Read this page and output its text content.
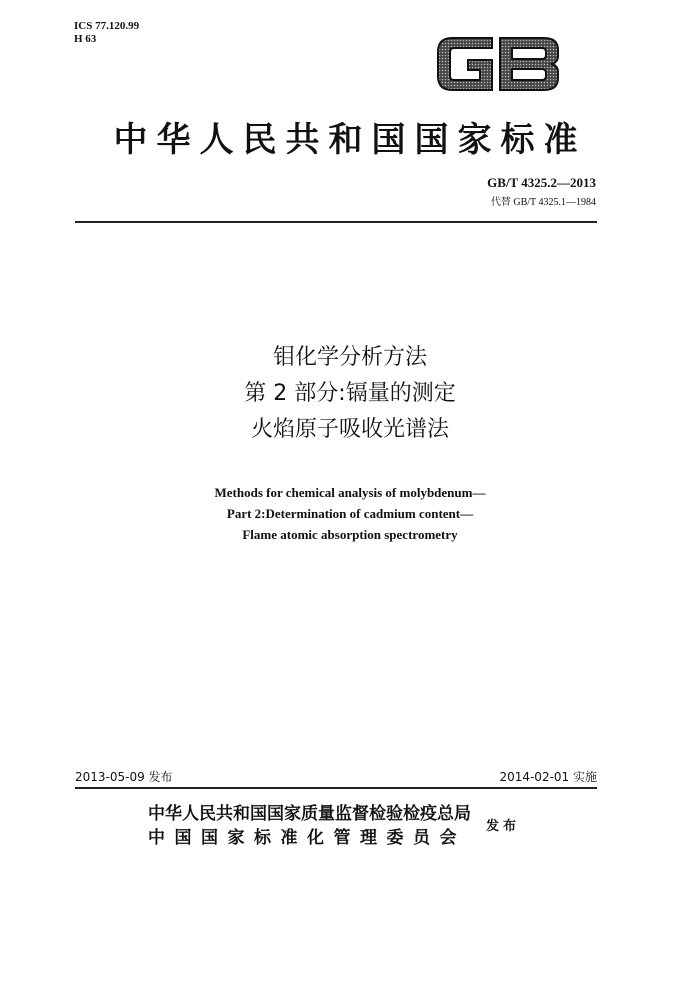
ICS 77.120.99
H 63
中华人民共和国国家标准
GB/T 4325.2—2013
代替 GB/T 4325.1—1984
钼化学分析方法
第 2 部分:镉量的测定
火焰原子吸收光谱法
Methods for chemical analysis of molybdenum—
Part 2:Determination of cadmium content—
Flame atomic absorption spectrometry
2013-05-09 发布	2014-02-01 实施
中华人民共和国国家质量监督检验检疫总局
中国国家标准化管理委员会
发布
